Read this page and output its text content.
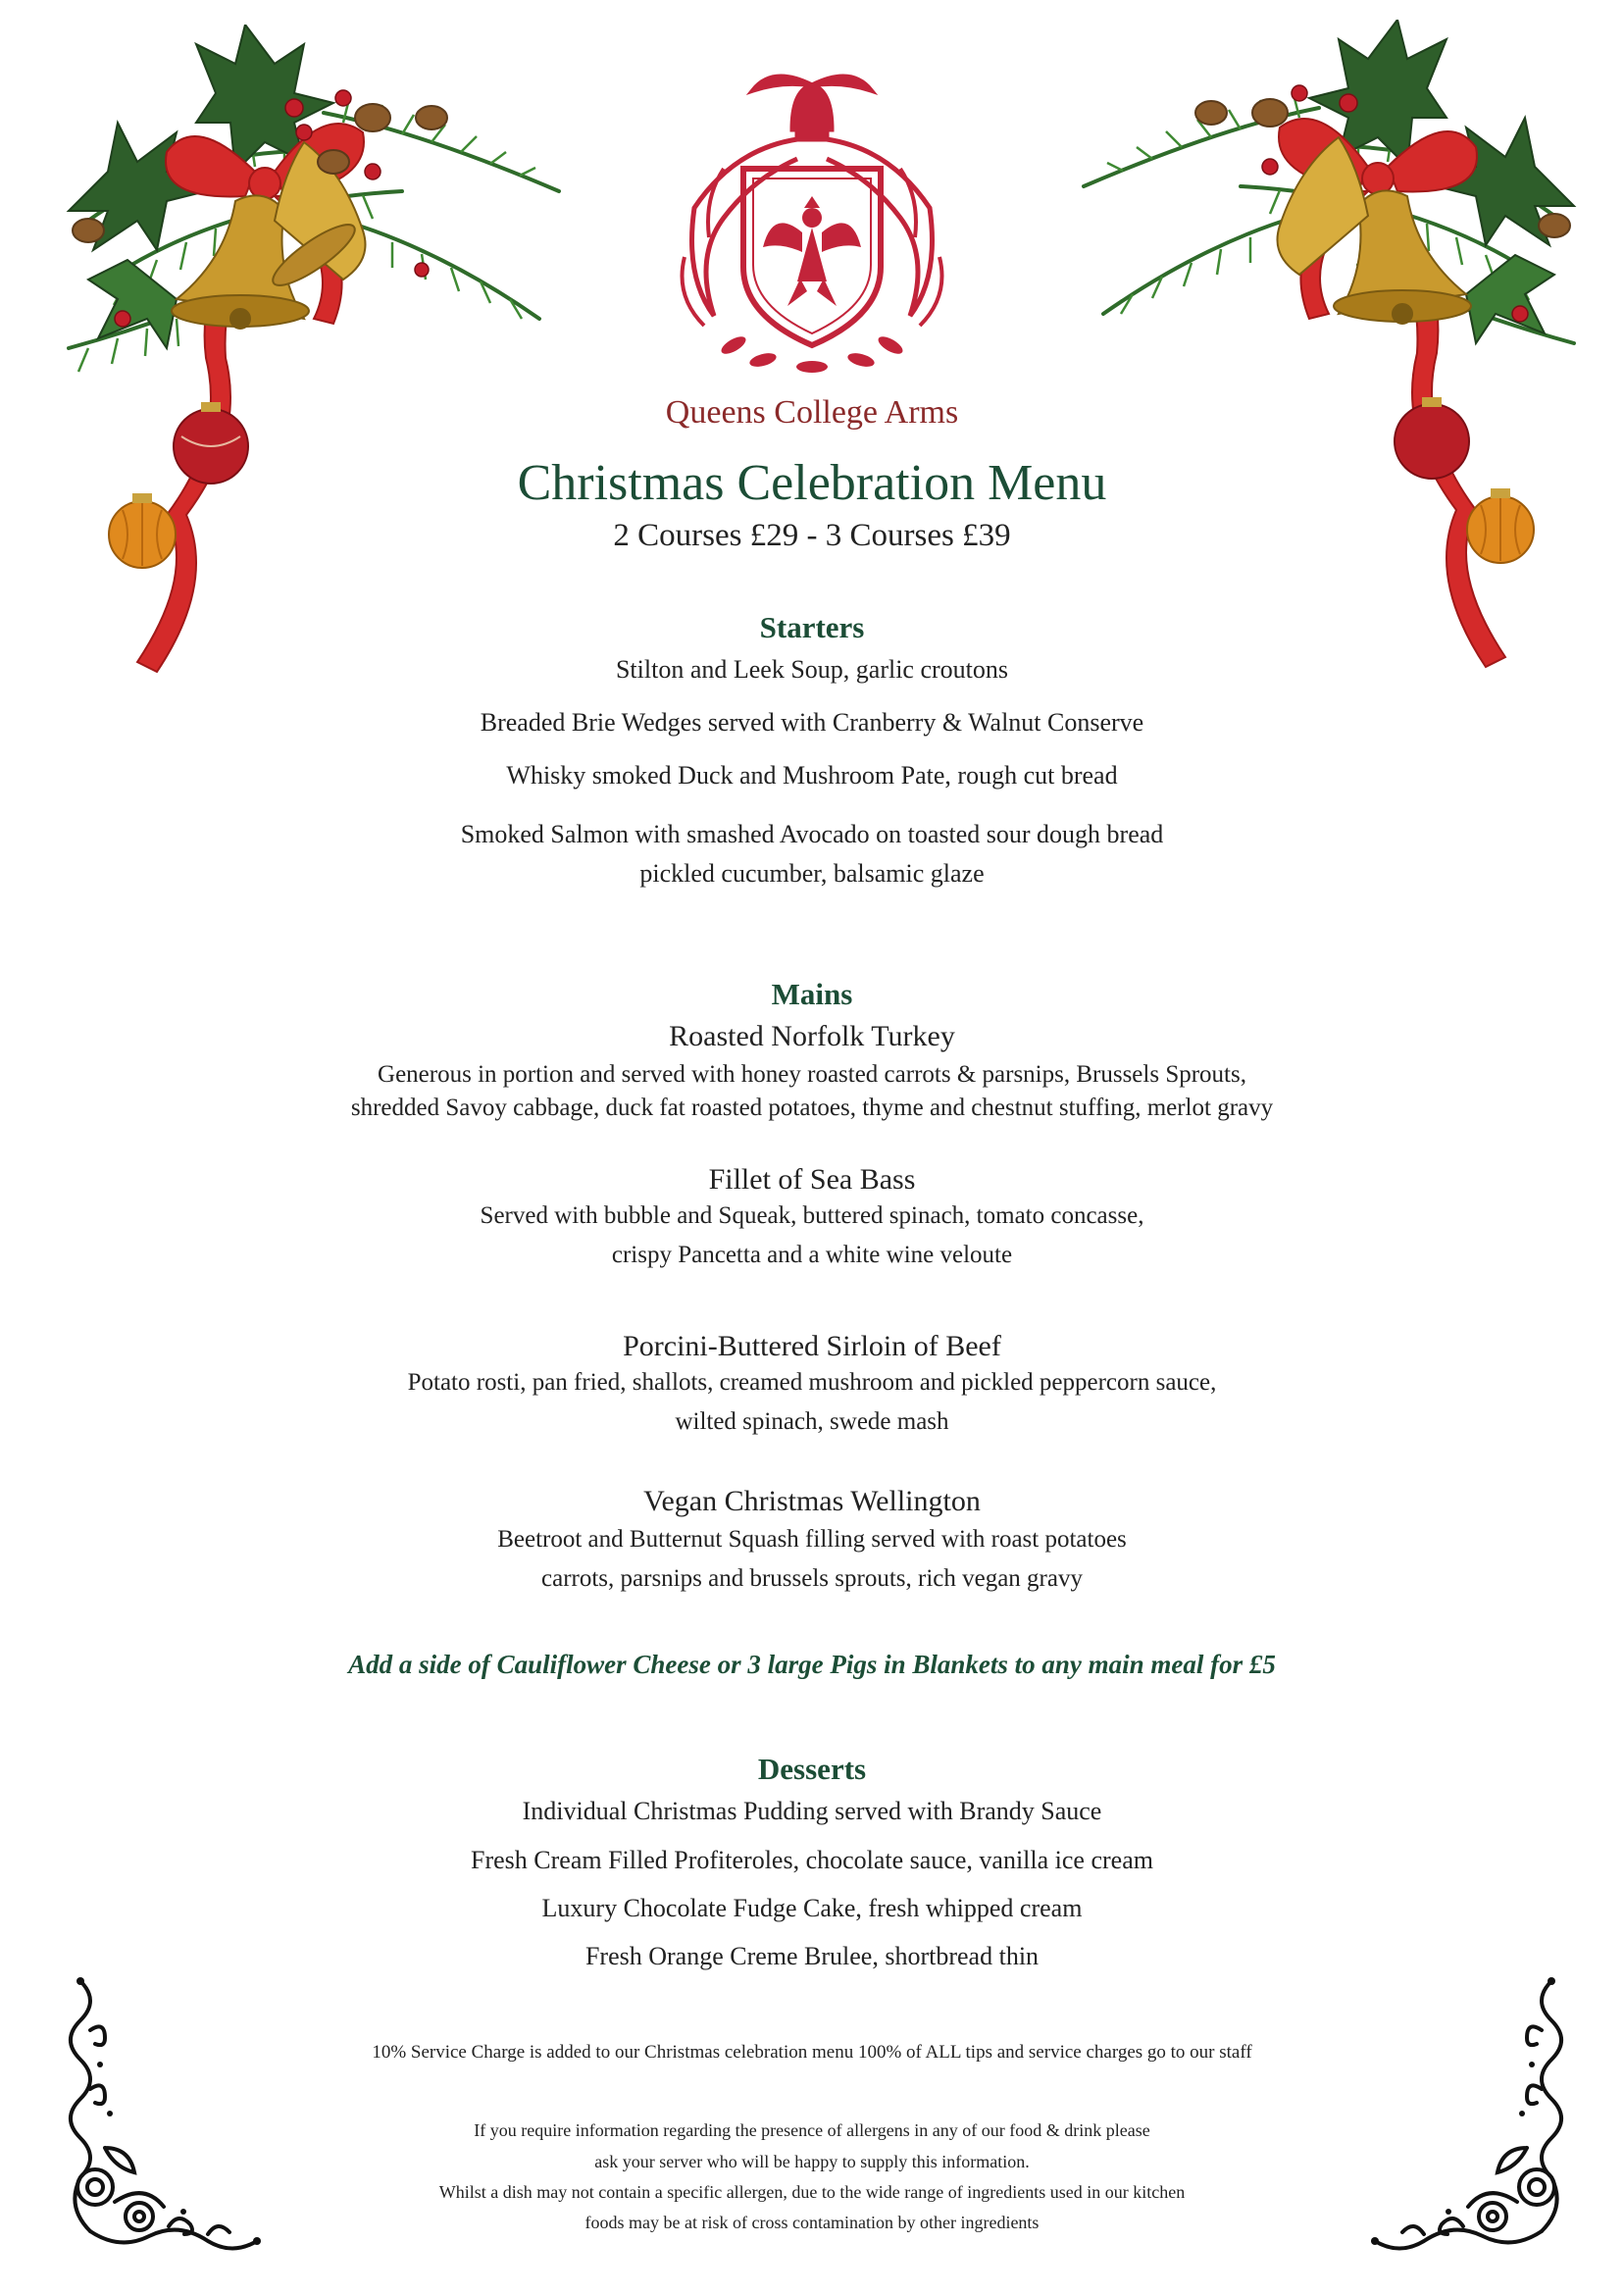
Queens College Arms
Christmas Celebration Menu
2 Courses £29 - 3 Courses £39
Starters
Stilton and Leek Soup, garlic croutons
Breaded Brie Wedges served with Cranberry & Walnut Conserve
Whisky smoked Duck and Mushroom Pate, rough cut bread
Smoked Salmon with smashed Avocado on toasted sour dough bread
pickled cucumber, balsamic glaze
Mains
Roasted Norfolk Turkey
Generous in portion and served with honey roasted carrots & parsnips, Brussels Sprouts,
shredded Savoy cabbage, duck fat roasted potatoes, thyme and chestnut stuffing, merlot gravy
Fillet of Sea Bass
Served with bubble and Squeak, buttered spinach, tomato concasse,
crispy Pancetta and a white wine veloute
Porcini-Buttered Sirloin of Beef
Potato rosti, pan fried, shallots, creamed mushroom and pickled peppercorn sauce,
wilted spinach, swede mash
Vegan Christmas Wellington
Beetroot and Butternut Squash filling served with roast potatoes
carrots, parsnips and brussels sprouts, rich vegan gravy
Add a side of Cauliflower Cheese or 3 large Pigs in Blankets to any main meal for £5
Desserts
Individual Christmas Pudding served with Brandy Sauce
Fresh Cream Filled Profiteroles, chocolate sauce, vanilla ice cream
Luxury Chocolate Fudge Cake, fresh whipped cream
Fresh Orange Creme Brulee, shortbread thin
10% Service Charge is added to our Christmas celebration menu 100% of ALL tips and service charges go to our staff
If you require information regarding the presence of allergens in any of our food & drink please
ask your server who will be happy to supply this information.
Whilst a dish may not contain a specific allergen, due to the wide range of ingredients used in our kitchen
foods may be at risk of cross contamination by other ingredients
